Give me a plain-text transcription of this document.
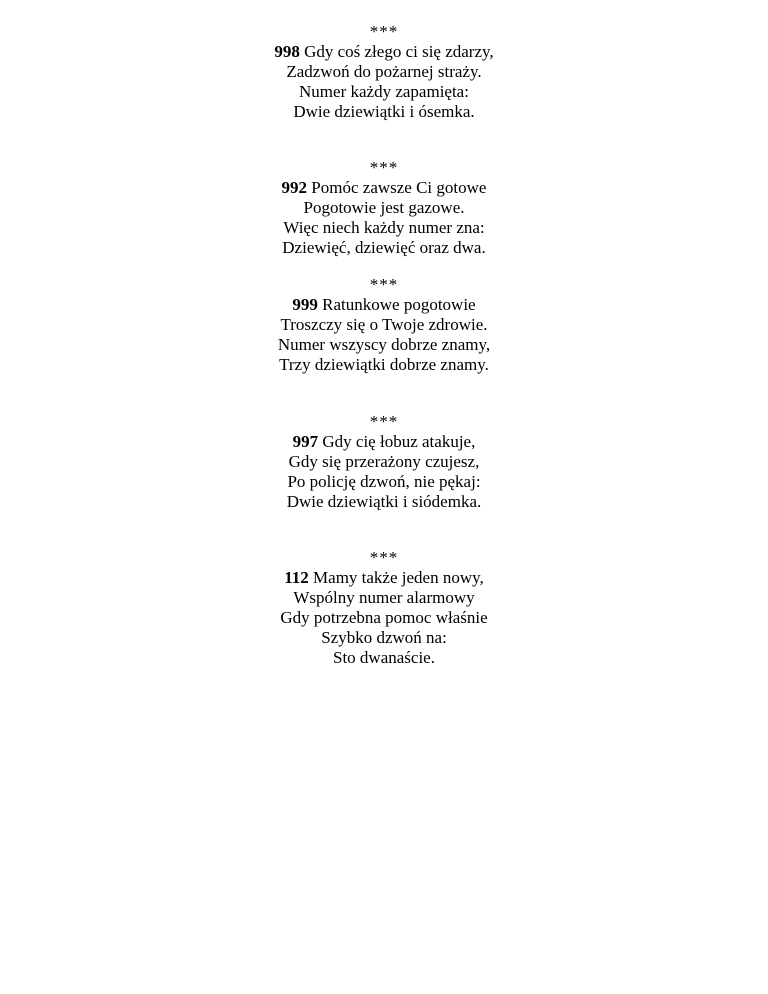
***
998 Gdy coś złego ci się zdarzy,
Zadzwoń do pożarnej straży.
Numer każdy zapamięta:
Dwie dziewiątki i ósemka.
***
992 Pomóc zawsze Ci gotowe
Pogotowie jest gazowe.
Więc niech każdy numer zna:
Dziewięć, dziewięć oraz dwa.
***
999 Ratunkowe pogotowie
Troszczy się o Twoje zdrowie.
Numer wszyscy dobrze znamy,
Trzy dziewiątki dobrze znamy.
***
997 Gdy cię łobuz atakuje,
Gdy się przerażony czujesz,
Po policję dzwoń, nie pękaj:
Dwie dziewiątki i siódemka.
***
112 Mamy także jeden nowy,
Wspólny numer alarmowy
Gdy potrzebna pomoc właśnie
Szybko dzwoń na:
Sto dwanaście.
